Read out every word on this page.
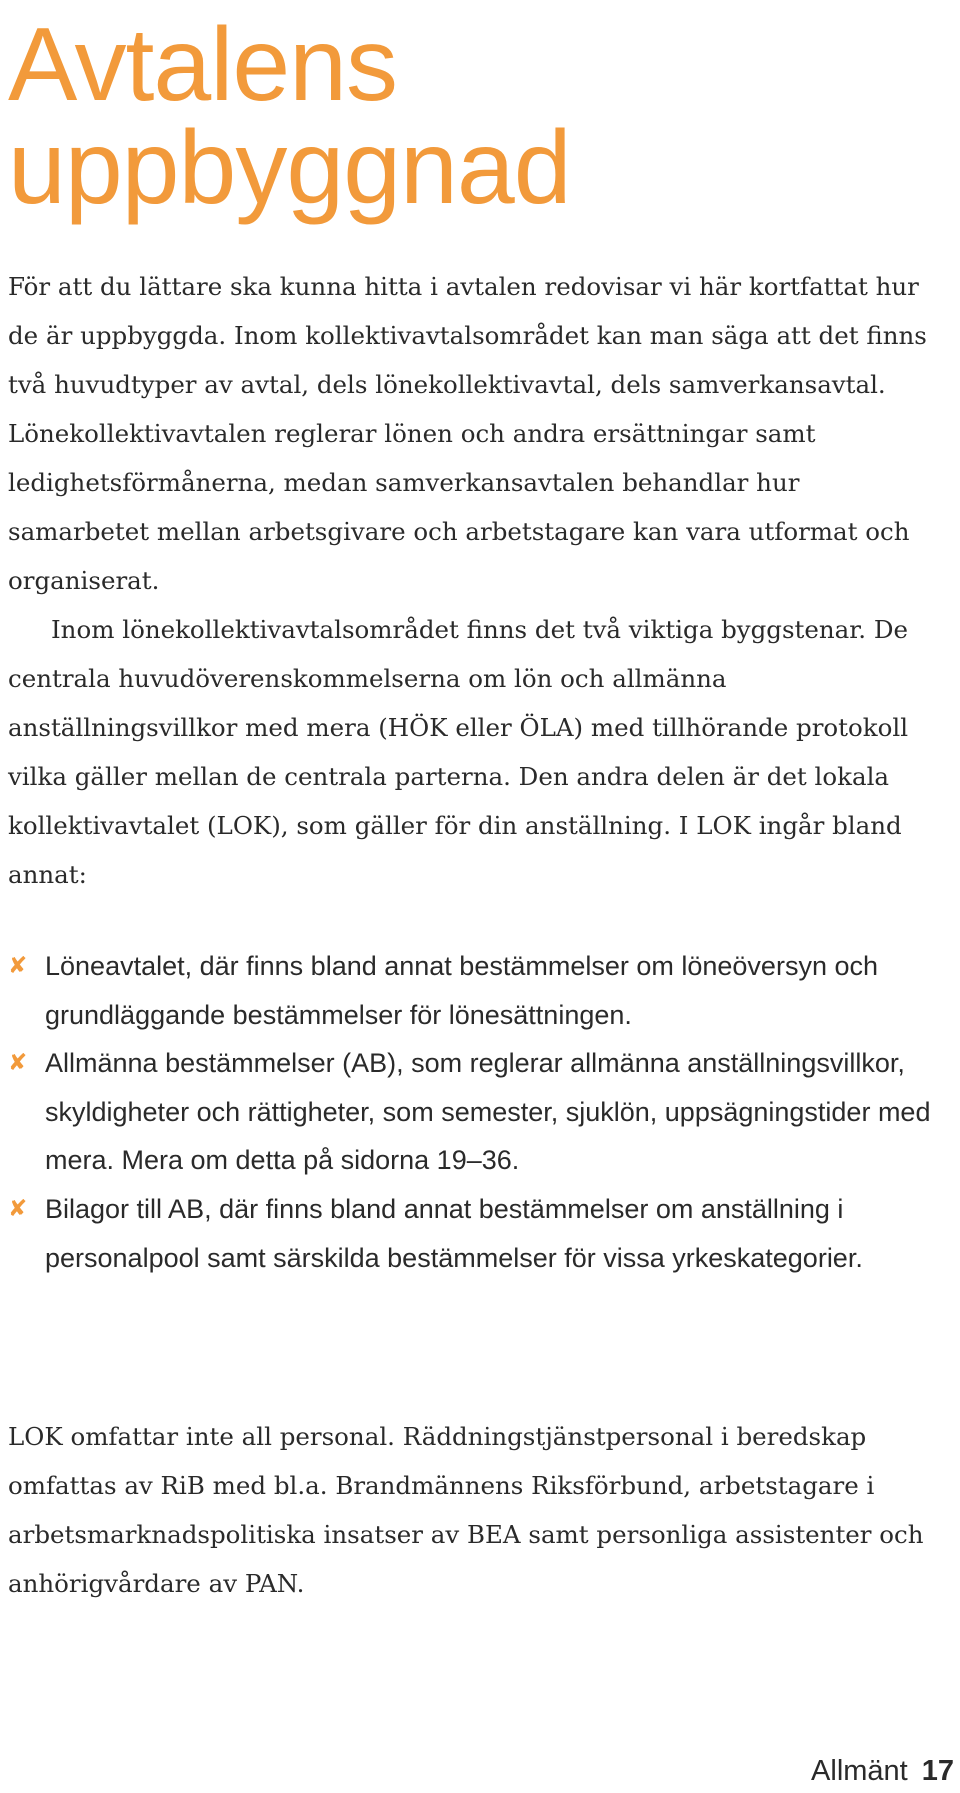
Avtalens uppbyggnad

För att du lättare ska kunna hitta i avtalen redovisar vi här kortfattat hur de är uppbyggda. Inom kollektivavtalsområdet kan man säga att det finns två huvudtyper av avtal, dels lönekollektivavtal, dels samverkansavtal. Lönekollektivavtalen reglerar lönen och andra ersättningar samt ledighetsförmånerna, medan samverkansavtalen behandlar hur samarbetet mellan arbetsgivare och arbetstagare kan vara utformat och organiserat.

Inom lönekollektivavtalsområdet finns det två viktiga byggstenar. De centrala huvudöverenskommelserna om lön och allmänna anställningsvillkor med mera (HÖK eller ÖLA) med tillhörande protokoll vilka gäller mellan de centrala parterna. Den andra delen är det lokala kollektivavtalet (LOK), som gäller för din anställning. I LOK ingår bland annat:

✘ Löneavtalet, där finns bland annat bestämmelser om löneöversyn och grundläggande bestämmelser för lönesättningen.
✘ Allmänna bestämmelser (AB), som reglerar allmänna anställningsvillkor, skyldigheter och rättigheter, som semester, sjuklön, uppsägningstider med mera. Mera om detta på sidorna 19–36.
✘ Bilagor till AB, där finns bland annat bestämmelser om anställning i personalpool samt särskilda bestämmelser för vissa yrkeskategorier.

LOK omfattar inte all personal. Räddningstjänstpersonal i beredskap omfattas av RiB med bl.a. Brandmännens Riksförbund, arbetstagare i arbetsmarknadspolitiska insatser av BEA samt personliga assistenter och anhörigvårdare av PAN.

Allmänt 17
